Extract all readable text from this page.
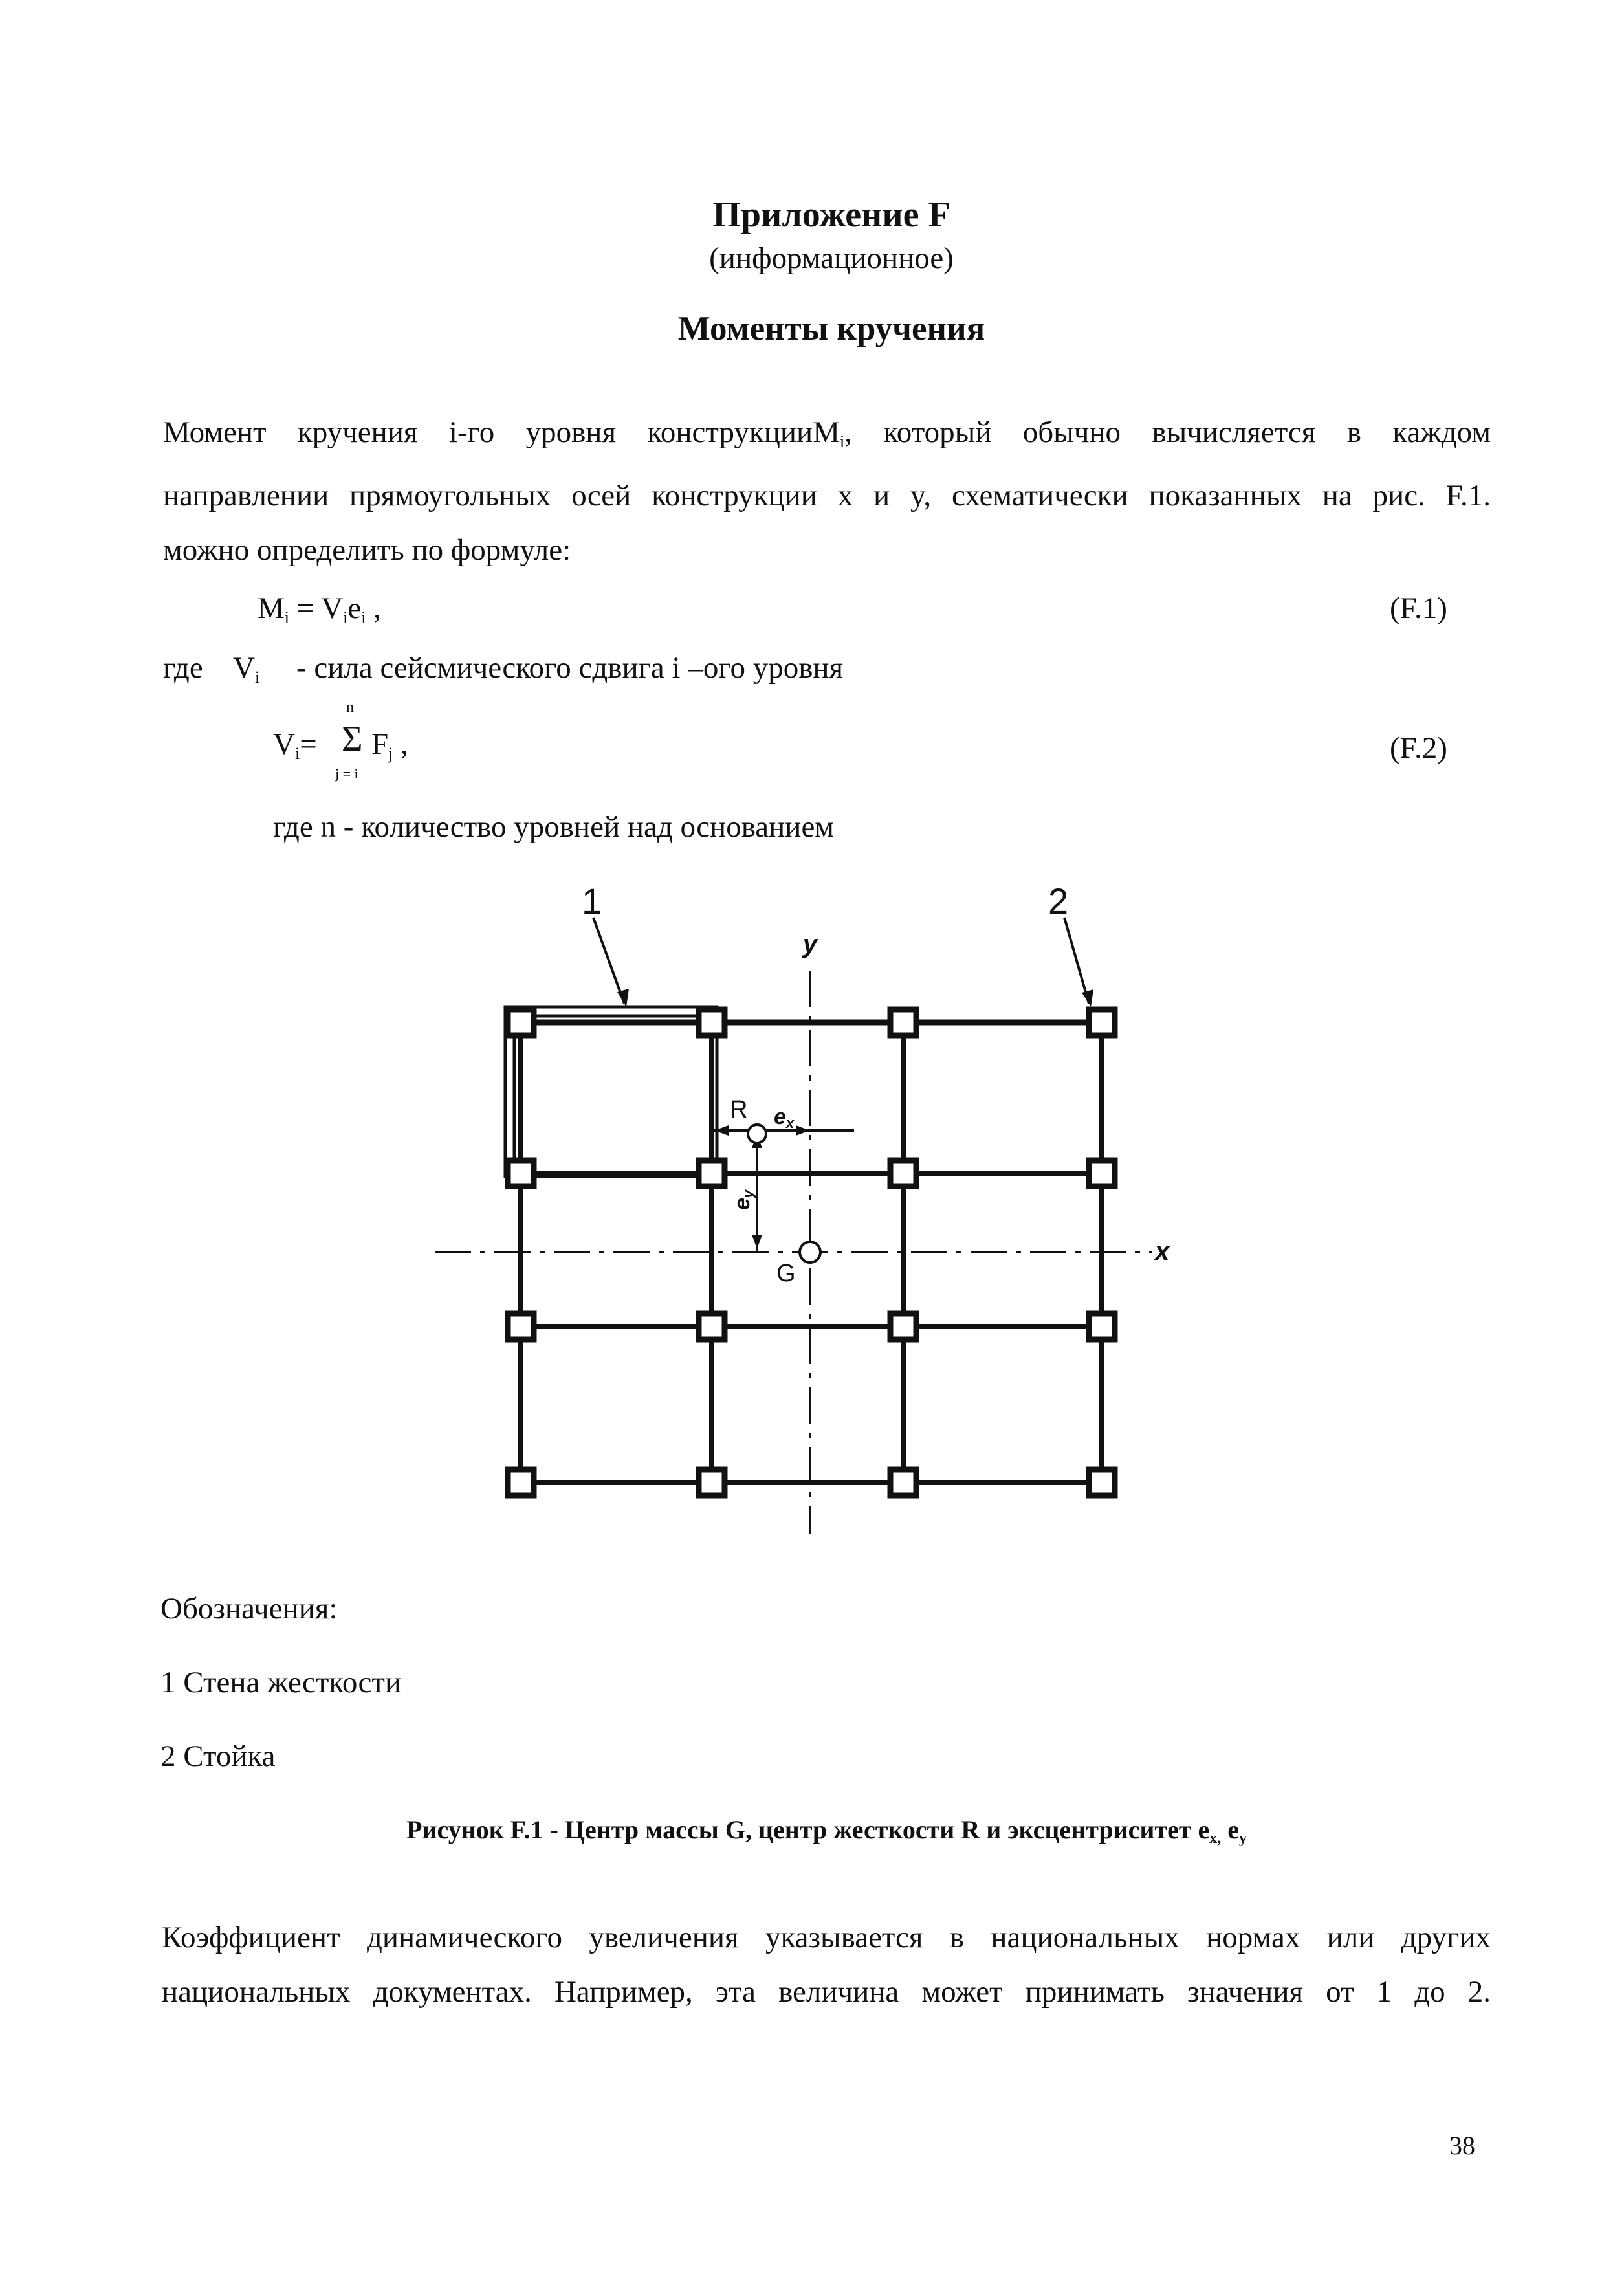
Приложение F
(информационное)
Моменты кручения
Момент кручения i-го уровня конструкцииM$_i$, который обычно вычисляется в каждом
направлении прямоугольных осей конструкции x и y, схематически показанных на рис. F.1.
можно определить по формуле:
$M_i = V_ie_i$ ,	(F.1)
где $V_i$ - сила сейсмического сдвига i –ого уровня
$V_i=$
n
Σ
j = i
$F_j$ ,	(F.2)
где n - количество уровней над основанием
1	2
y
x
R
G
ex
ey
Обозначения:
1 Стена жесткости
2 Стойка
Рисунок F.1 - Центр массы G, центр жесткости R и эксцентриситет ex, ey
Коэффициент динамического увеличения указывается в национальных нормах или других
национальных документах. Например, эта величина может принимать значения от 1 до 2.
38
